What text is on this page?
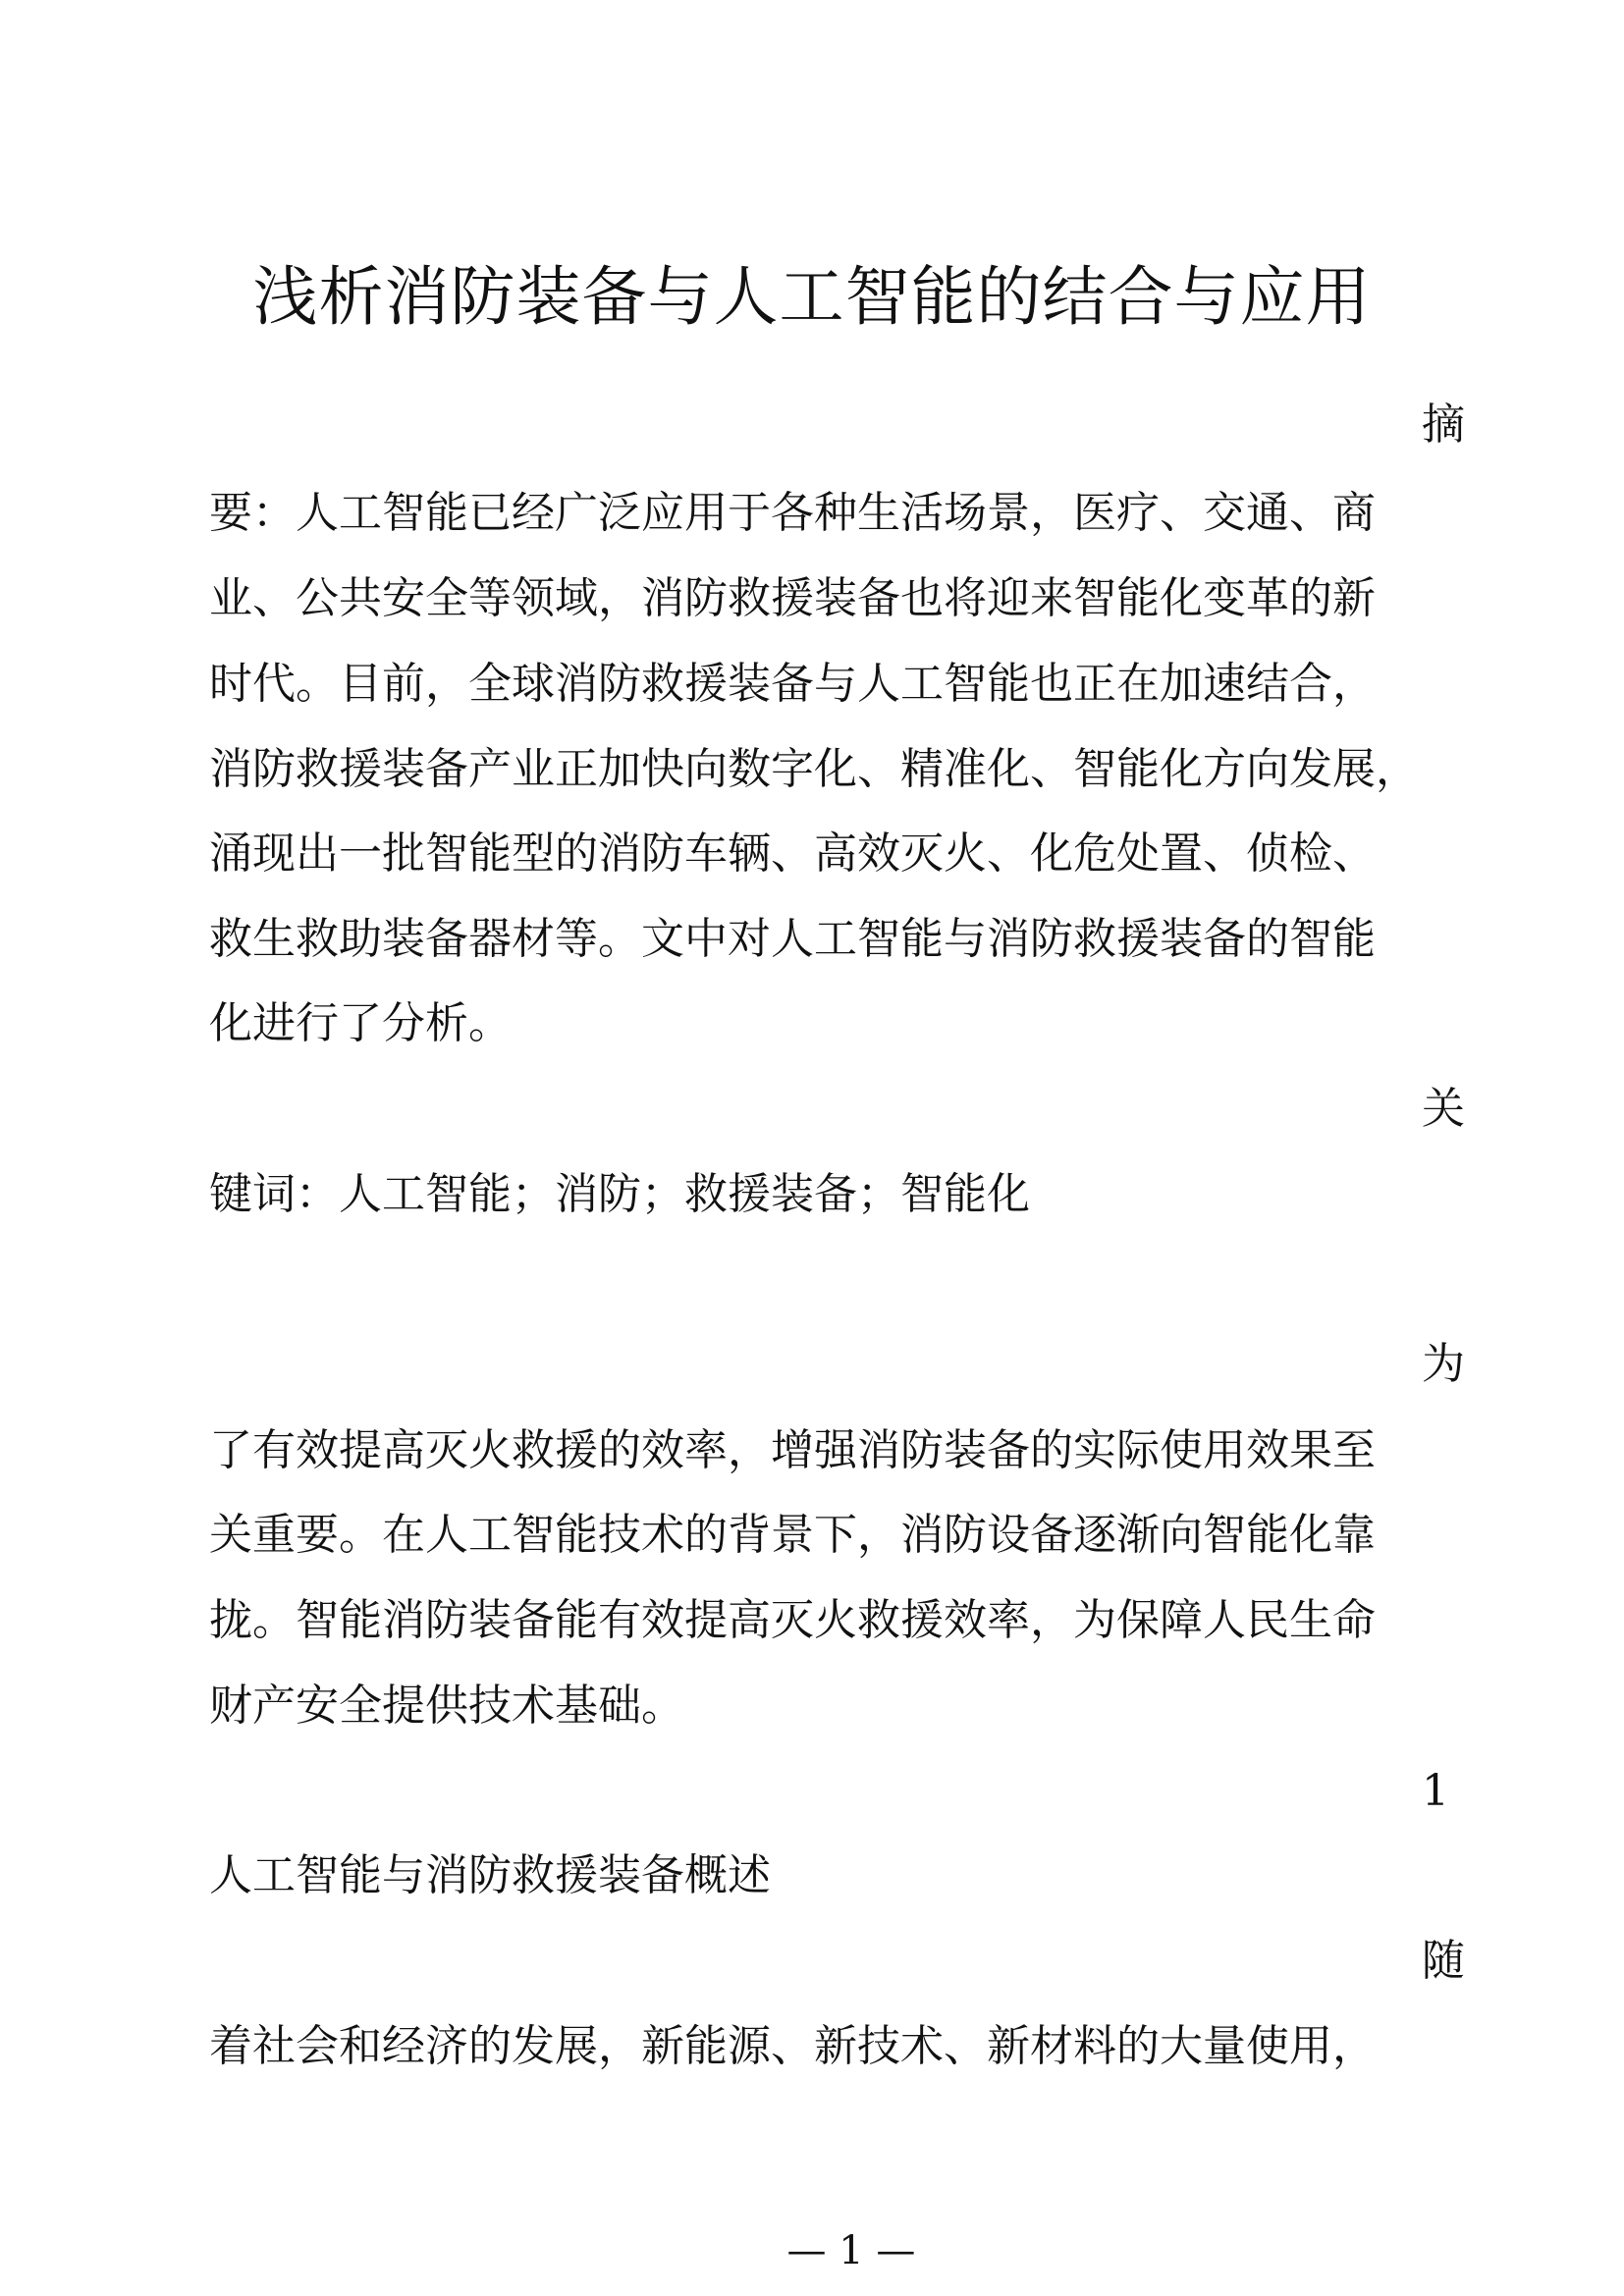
浅析消防装备与人工智能的结合与应用
摘
要：人工智能已经广泛应用于各种生活场景，医疗、交通、商
业、公共安全等领域，消防救援装备也将迎来智能化变革的新
时代。目前，全球消防救援装备与人工智能也正在加速结合，
消防救援装备产业正加快向数字化、精准化、智能化方向发展，
涌现出一批智能型的消防车辆、高效灭火、化危处置、侦检、
救生救助装备器材等。文中对人工智能与消防救援装备的智能
化进行了分析。
关
键词：人工智能；消防；救援装备；智能化
为
了有效提高灭火救援的效率，增强消防装备的实际使用效果至
关重要。在人工智能技术的背景下，消防设备逐渐向智能化靠
拢。智能消防装备能有效提高灭火救援效率，为保障人民生命
财产安全提供技术基础。
1
人工智能与消防救援装备概述
随
着社会和经济的发展，新能源、新技术、新材料的大量使用，
— 1 —
